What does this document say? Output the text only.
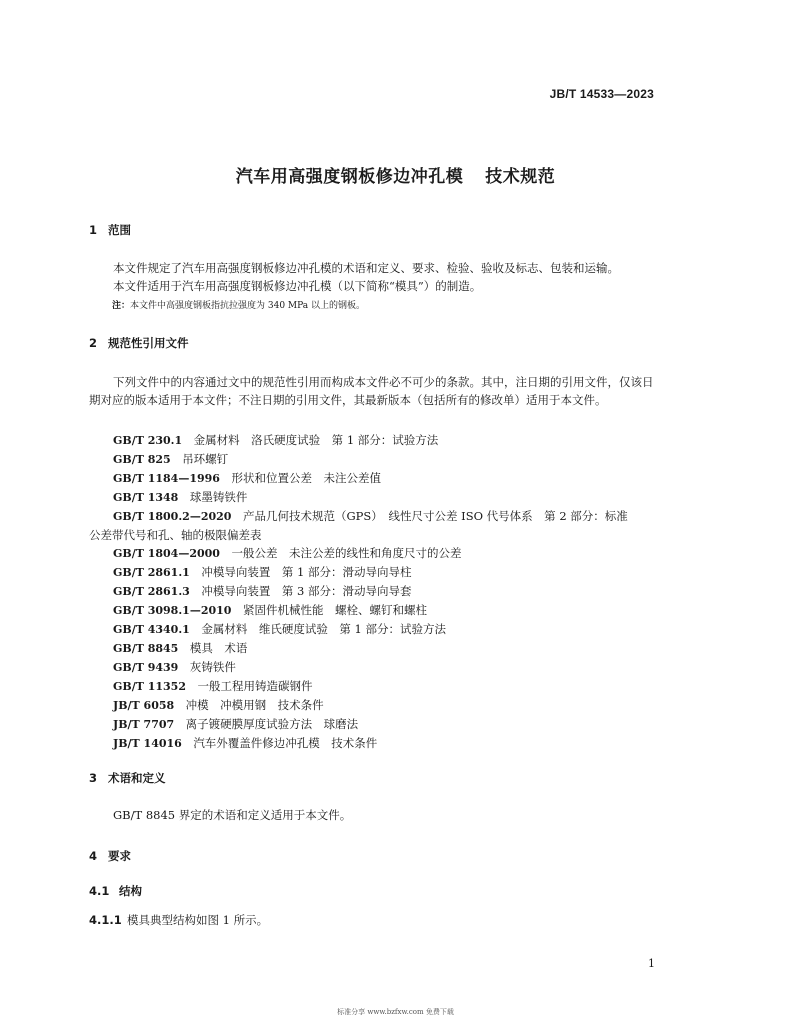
JB/T 14533—2023
汽车用高强度钢板修边冲孔模 技术规范
1 范围

本文件规定了汽车用高强度钢板修边冲孔模的术语和定义、要求、检验、验收及标志、包装和运输。

本文件适用于汽车用高强度钢板修边冲孔模（以下简称“模具”）的制造。

注：本文件中高强度钢板指抗拉强度为 340 MPa 以上的钢板。
2 规范性引用文件

下列文件中的内容通过文中的规范性引用而构成本文件必不可少的条款。其中，注日期的引用文件，仅该日期对应的版本适用于本文件；不注日期的引用文件，其最新版本（包括所有的修改单）适用于本文件。

GB/T 230.1  金属材料　洛氏硬度试验　第 1 部分：试验方法
GB/T 825  吊环螺钉
GB/T 1184—1996  形状和位置公差　未注公差值
GB/T 1348  球墨铸铁件
GB/T 1800.2—2020  产品几何技术规范（GPS）　线性尺寸公差 ISO 代号体系　第 2 部分：标准
公差带代号和孔、轴的极限偏差表
GB/T 1804—2000  一般公差　未注公差的线性和角度尺寸的公差
GB/T 2861.1  冲模导向装置　第 1 部分：滑动导向导柱
GB/T 2861.3  冲模导向装置　第 3 部分：滑动导向导套
GB/T 3098.1—2010  紧固件机械性能　螺栓、螺钉和螺柱
GB/T 4340.1  金属材料　维氏硬度试验　第 1 部分：试验方法
GB/T 8845  模具　术语
GB/T 9439  灰铸铁件
GB/T 11352  一般工程用铸造碳钢件
JB/T 6058  冲模　冲模用钢　技术条件
JB/T 7707  离子镀硬膜厚度试验方法　球磨法
JB/T 14016  汽车外覆盖件修边冲孔模　技术条件
3 术语和定义

GB/T 8845 界定的术语和定义适用于本文件。

4 要求
4.1 结构
4.1.1 模具典型结构如图 1 所示。
1
标准分享 www.bzfxw.com 免费下载
